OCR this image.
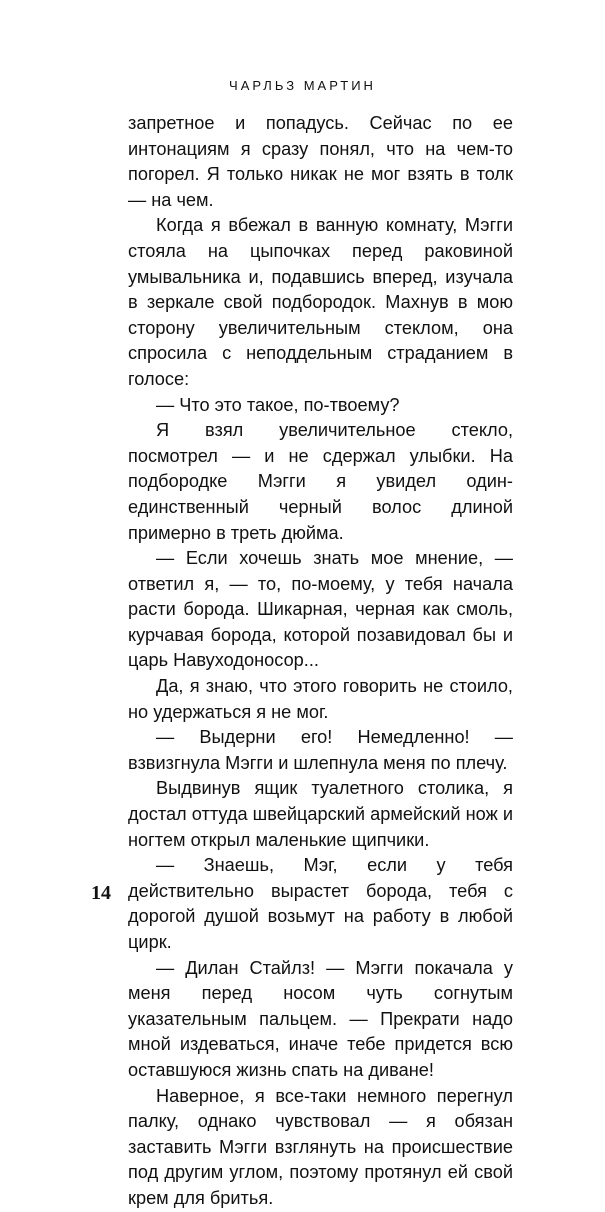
ЧАРЛЬЗ МАРТИН

запретное и попадусь. Сейчас по ее интонациям я сразу понял, что на чем-то погорел. Я только никак не мог взять в толк — на чем.

Когда я вбежал в ванную комнату, Мэгги стояла на цыпочках перед раковиной умывальника и, подавшись вперед, изучала в зеркале свой подбородок. Махнув в мою сторону увеличительным стеклом, она спросила с неподдельным страданием в голосе:

— Что это такое, по-твоему?

Я взял увеличительное стекло, посмотрел — и не сдержал улыбки. На подбородке Мэгги я увидел один-единственный черный волос длиной примерно в треть дюйма.

— Если хочешь знать мое мнение, — ответил я, — то, по-моему, у тебя начала расти борода. Шикарная, черная как смоль, курчавая борода, которой позавидовал бы и царь Навуходоносор...

Да, я знаю, что этого говорить не стоило, но удержаться я не мог.

— Выдерни его! Немедленно! — взвизгнула Мэгги и шлепнула меня по плечу.

Выдвинув ящик туалетного столика, я достал оттуда швейцарский армейский нож и ногтем открыл маленькие щипчики.

— Знаешь, Мэг, если у тебя действительно вырастет борода, тебя с дорогой душой возьмут на работу в любой цирк.

— Дилан Стайлз! — Мэгги покачала у меня перед носом чуть согнутым указательным пальцем. — Прекрати надо мной издеваться, иначе тебе придется всю оставшуюся жизнь спать на диване!

Наверное, я все-таки немного перегнул палку, однако чувствовал — я обязан заставить Мэгги взглянуть на происшествие под другим углом, поэтому протянул ей свой крем для бритья.

14
